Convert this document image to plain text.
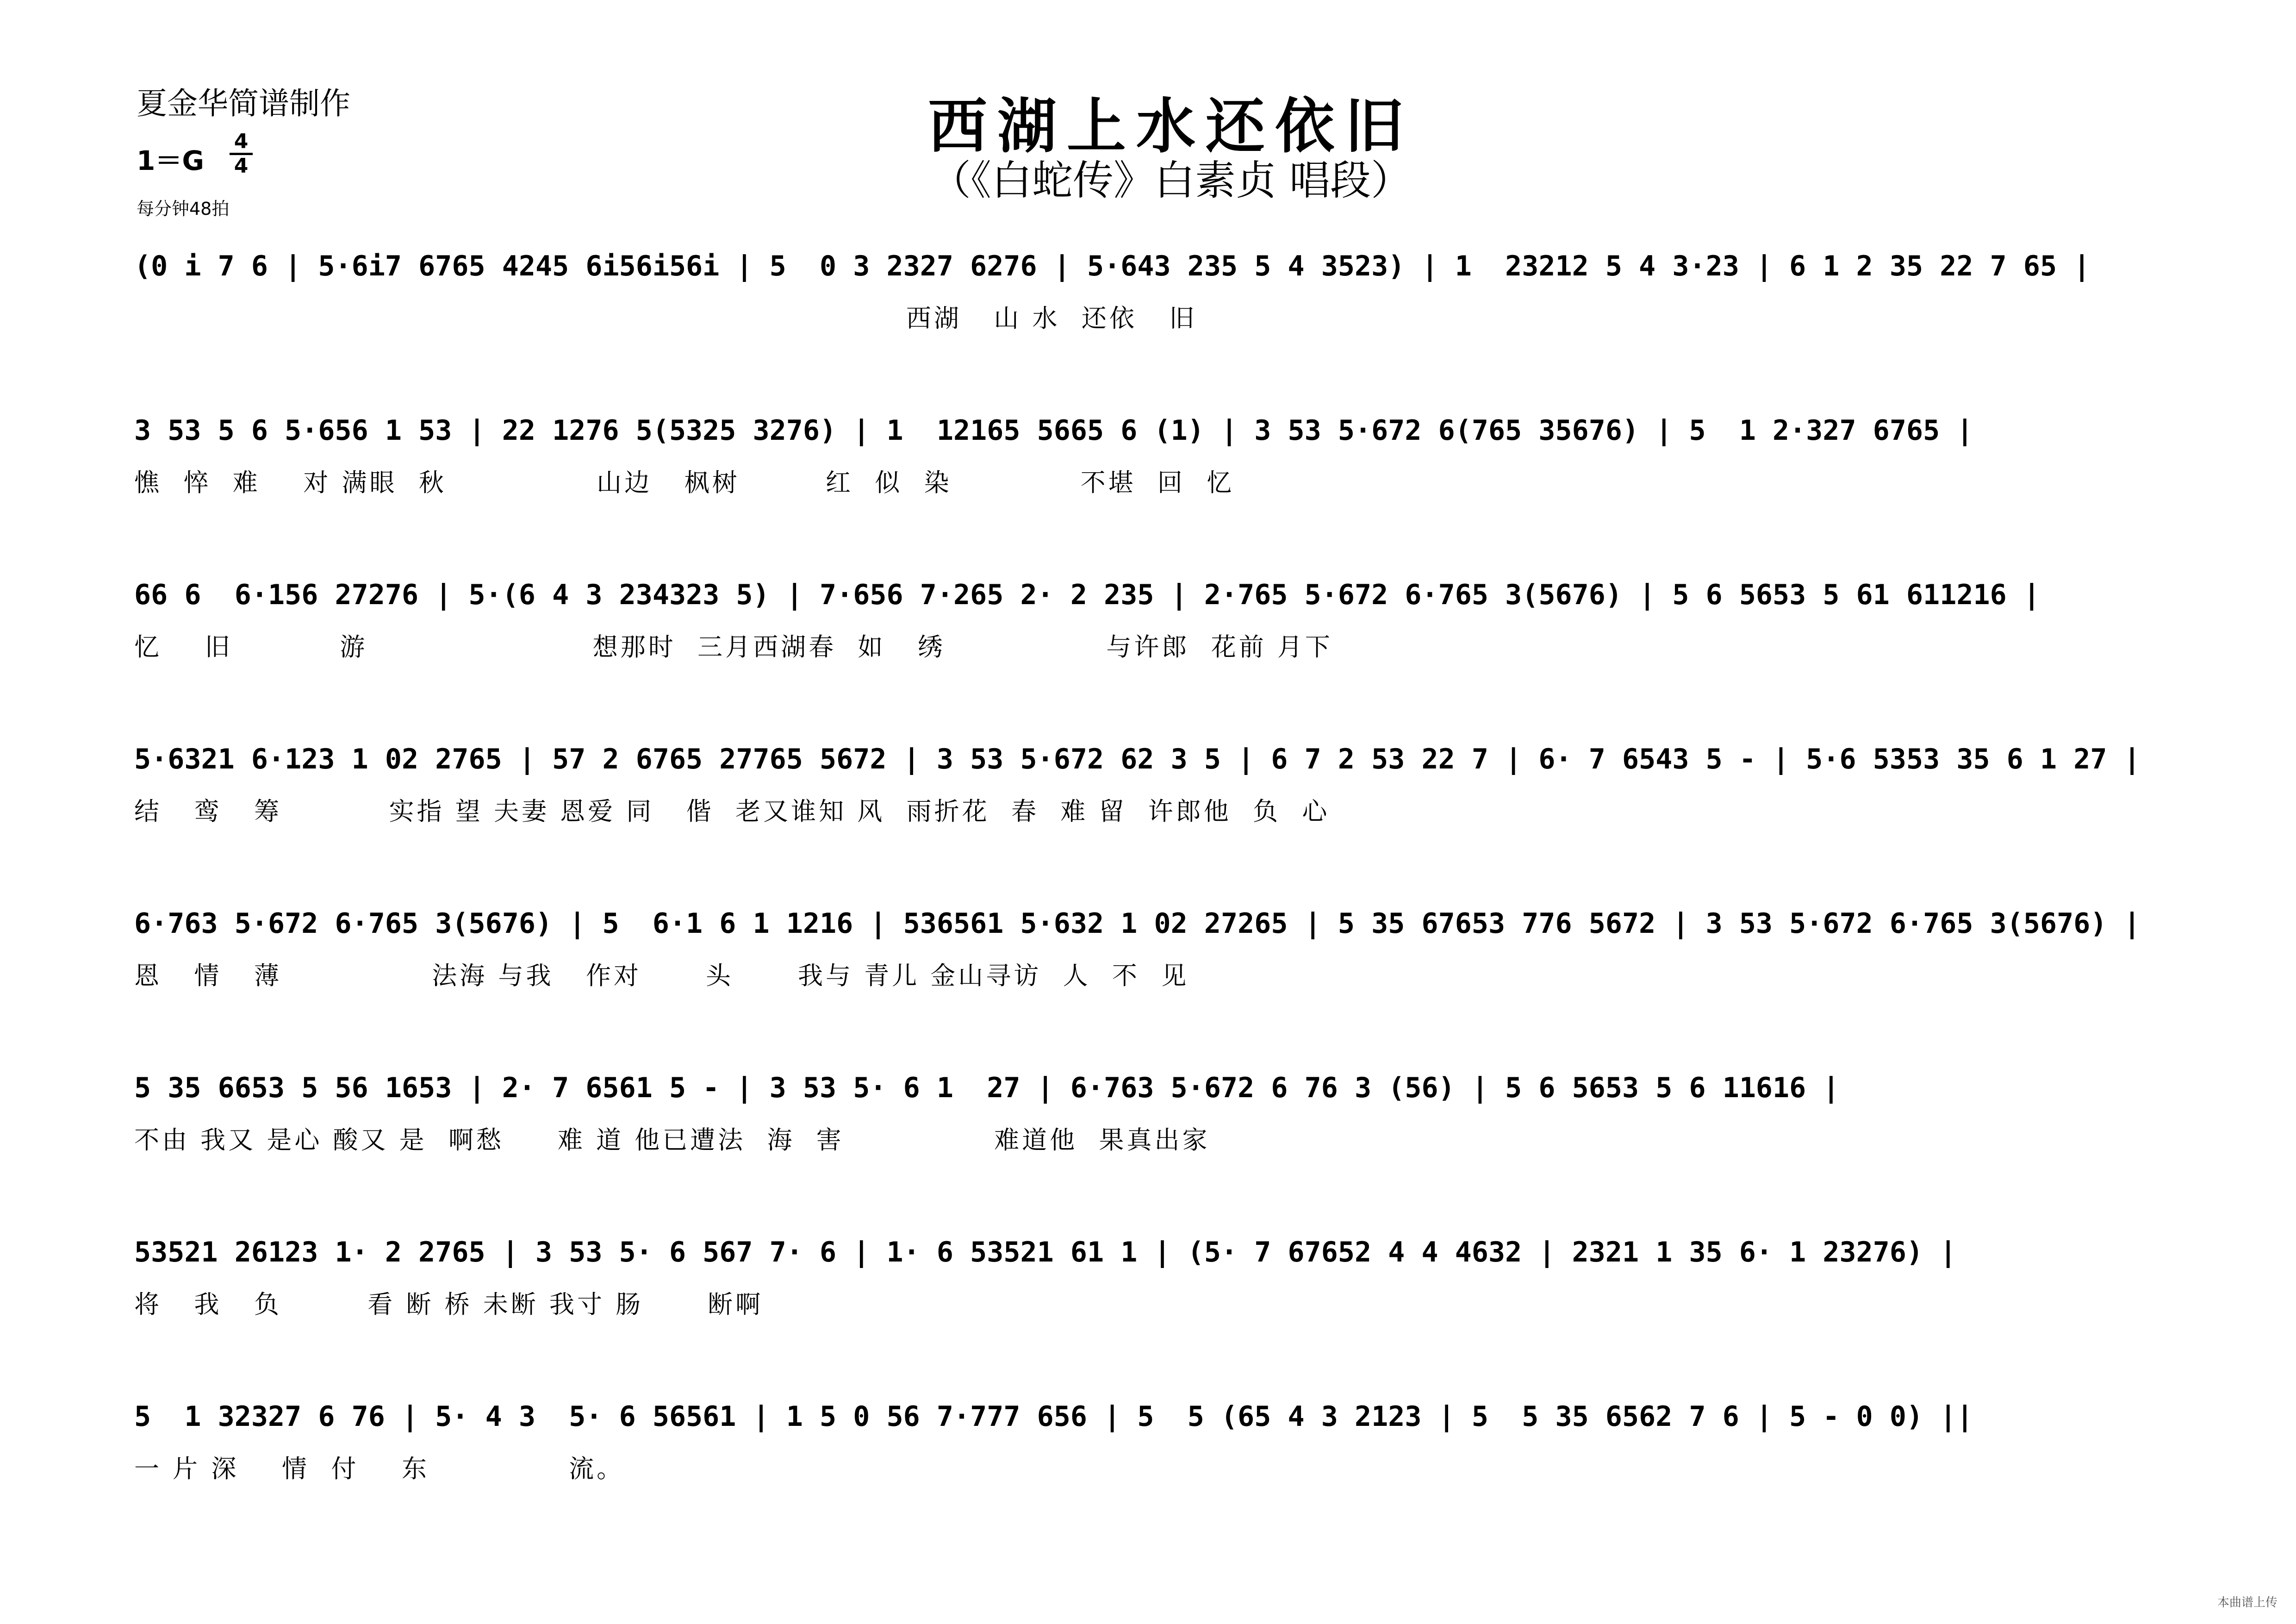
夏金华简谱制作
$1=G \frac{4}{4}$
每分钟48拍
西湖上水还依旧
（《白蛇传》白素贞 唱段）
(0 i 7 6 | 5·6i7 6765 4245 6i56i56i | 5  0 3 2327 6276 | 5·643 235 5 4 3523) | 1  23212 5 4 3·23 | 6 1 2 35 22 7 65 |
西湖   山 水  还依   旧
3 53 5 6 5·656 1 53 | 22 1276 5(5325 3276) | 1  12165 5665 6 (1) | 3 53 5·672 6(765 35676) | 5  1 2·327 6765 |
憔  悴  难    对 满眼  秋              山边   枫树        红  似  染            不堪  回  忆
66 6  6·156 27276 | 5·(6 4 3 234323 5) | 7·656 7·265 2· 2 235 | 2·765 5·672 6·765 3(5676) | 5 6 5653 5 61 611216 |
忆    旧          游                     想那时  三月西湖春  如   绣               与许郎  花前 月下
5·6321 6·123 1 02 2765 | 57 2 6765 27765 5672 | 3 53 5·672 62 3 5 | 6 7 2 53 22 7 | 6· 7 6543 5 - | 5·6 5353 35 6 1 27 |
结   鸾   筹          实指 望 夫妻 恩爱 同   偕  老又谁知 风  雨折花  春  难 留  许郎他  负  心
6·763 5·672 6·765 3(5676) | 5  6·1 6 1 1216 | 536561 5·632 1 02 27265 | 5 35 67653 776 5672 | 3 53 5·672 6·765 3(5676) |
恩   情   薄              法海 与我   作对      头      我与 青儿 金山寻访  人  不  见
5 35 6653 5 56 1653 | 2· 7 6561 5 - | 3 53 5· 6 1  27 | 6·763 5·672 6 76 3 (56) | 5 6 5653 5 6 11616 |
不由 我又 是心 酸又 是  啊愁     难 道 他已遭法  海  害              难道他  果真出家
53521 26123 1· 2 2765 | 3 53 5· 6 567 7· 6 | 1· 6 53521 61 1 | (5· 7 67652 4 4 4632 | 2321 1 35 6· 1 23276) |
将   我   负        看 断 桥 未断 我寸 肠      断啊
5  1 32327 6 76 | 5· 4 3  5· 6 56561 | 1 5 0 56 7·777 656 | 5  5 (65 4 3 2123 | 5  5 35 6562 7 6 | 5 - 0 0) ||
一 片 深    情  付    东             流。
本曲谱上传
